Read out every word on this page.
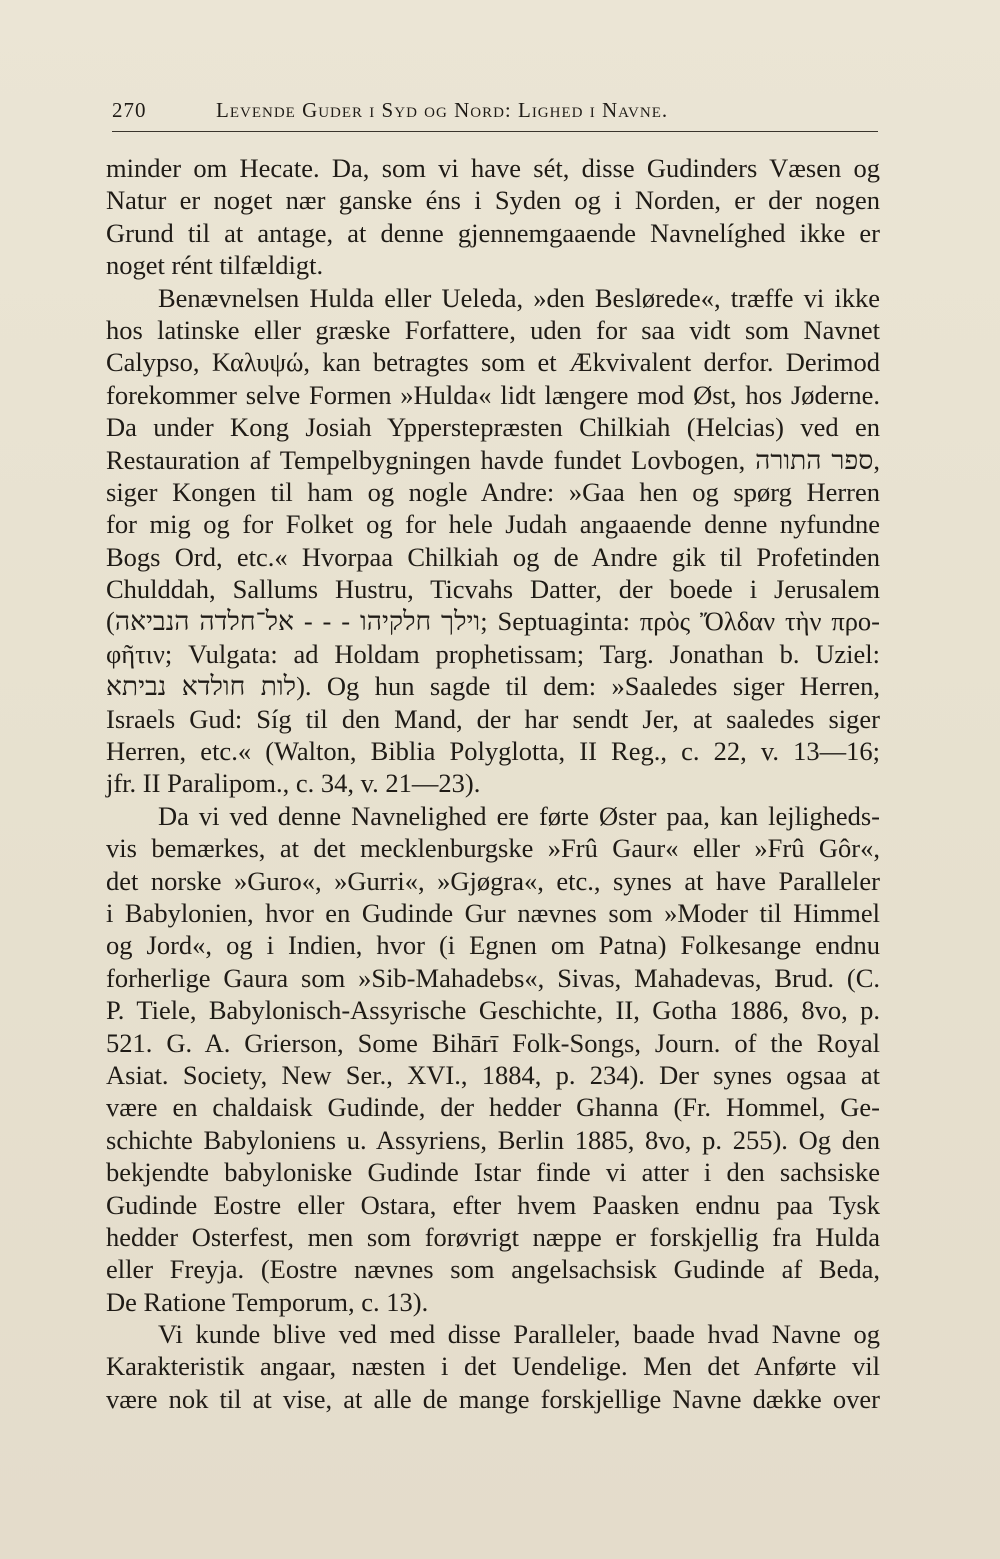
270	Levende Guder i Syd og Nord: Lighed i Navne.
minder om Hecate. Da, som vi have sét, disse Gudinders Væsen og
Natur er noget nær ganske éns i Syden og i Norden, er der nogen
Grund til at antage, at denne gjennemgaaende Navnelíghed ikke er
noget rént tilfældigt.
Benævnelsen Hulda eller Ueleda, »den Beslørede«, træffe vi ikke
hos latinske eller græske Forfattere, uden for saa vidt som Navnet
Calypso, Καλυψώ, kan betragtes som et Ækvivalent derfor. Derimod
forekommer selve Formen »Hulda« lidt længere mod Øst, hos Jøderne.
Da under Kong Josiah Ypperstepræsten Chilkiah (Helcias) ved en
Restauration af Tempelbygningen havde fundet Lovbogen, ספר התורה,
siger Kongen til ham og nogle Andre: »Gaa hen og spørg Herren
for mig og for Folket og for hele Judah angaaende denne nyfundne
Bogs Ord, etc.« Hvorpaa Chilkiah og de Andre gik til Profetinden
Chulddah, Sallums Hustru, Ticvahs Datter, der boede i Jerusalem
(וילך חלקיהו - - - אל־חלדה הנביאה; Septuaginta: πρὸς Ὄλδαν τὴν προ-
φῆτιν; Vulgata: ad Holdam prophetissam; Targ. Jonathan b. Uziel:
לות חולדא נביתא). Og hun sagde til dem: »Saaledes siger Herren,
Israels Gud: Síg til den Mand, der har sendt Jer, at saaledes siger
Herren, etc.« (Walton, Biblia Polyglotta, II Reg., c. 22, v. 13—16;
jfr. II Paralipom., c. 34, v. 21—23).
Da vi ved denne Navnelighed ere førte Øster paa, kan lejligheds-
vis bemærkes, at det mecklenburgske »Frû Gaur« eller »Frû Gôr«,
det norske »Guro«, »Gurri«, »Gjøgra«, etc., synes at have Paralleler
i Babylonien, hvor en Gudinde Gur nævnes som »Moder til Himmel
og Jord«, og i Indien, hvor (i Egnen om Patna) Folkesange endnu
forherlige Gaura som »Sib-Mahadebs«, Sivas, Mahadevas, Brud. (C.
P. Tiele, Babylonisch-Assyrische Geschichte, II, Gotha 1886, 8vo, p.
521. G. A. Grierson, Some Bihārī Folk-Songs, Journ. of the Royal
Asiat. Society, New Ser., XVI., 1884, p. 234). Der synes ogsaa at
være en chaldaisk Gudinde, der hedder Ghanna (Fr. Hommel, Ge-
schichte Babyloniens u. Assyriens, Berlin 1885, 8vo, p. 255). Og den
bekjendte babyloniske Gudinde Istar finde vi atter i den sachsiske
Gudinde Eostre eller Ostara, efter hvem Paasken endnu paa Tysk
hedder Osterfest, men som forøvrigt næppe er forskjellig fra Hulda
eller Freyja. (Eostre nævnes som angelsachsisk Gudinde af Beda,
De Ratione Temporum, c. 13).
Vi kunde blive ved med disse Paralleler, baade hvad Navne og
Karakteristik angaar, næsten i det Uendelige. Men det Anførte vil
være nok til at vise, at alle de mange forskjellige Navne dække over
